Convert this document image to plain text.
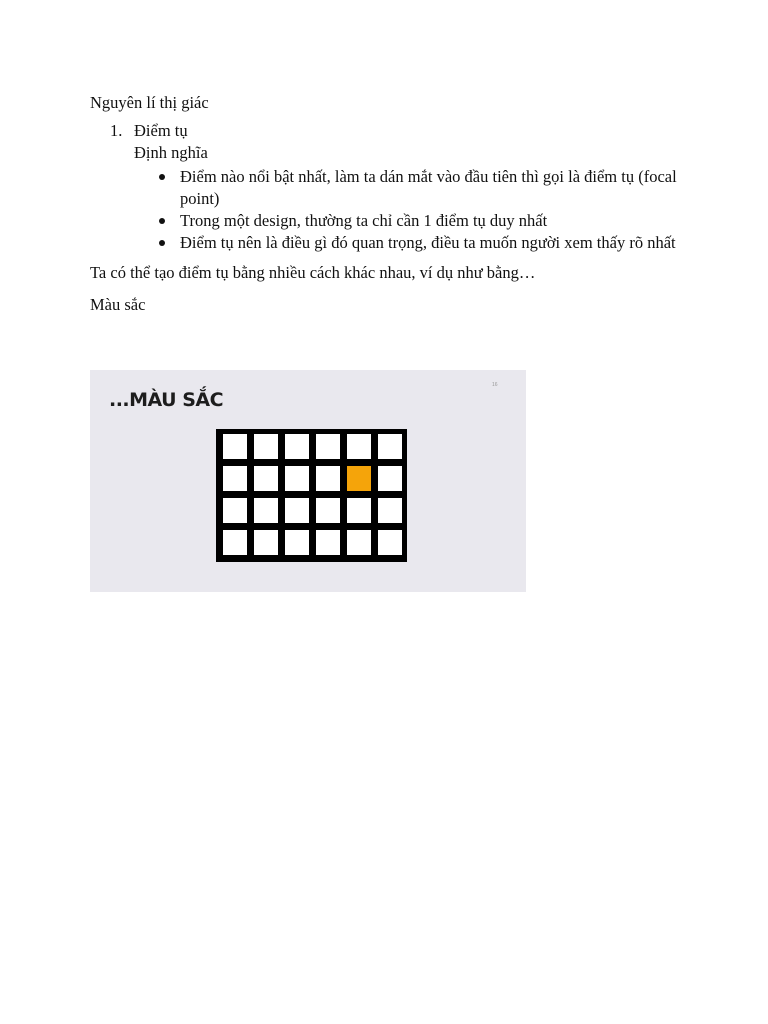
Nguyên lí thị giác

1. Điểm tụ
Định nghĩa
Điểm nào nổi bật nhất, làm ta dán mắt vào đầu tiên thì gọi là điểm tụ (focal point)
Trong một design, thường ta chỉ cần 1 điểm tụ duy nhất
Điểm tụ nên là điều gì đó quan trọng, điều ta muốn người xem thấy rõ nhất

Ta có thể tạo điểm tụ bằng nhiều cách khác nhau, ví dụ như bằng…

Màu sắc

...MÀU SẮC
16
